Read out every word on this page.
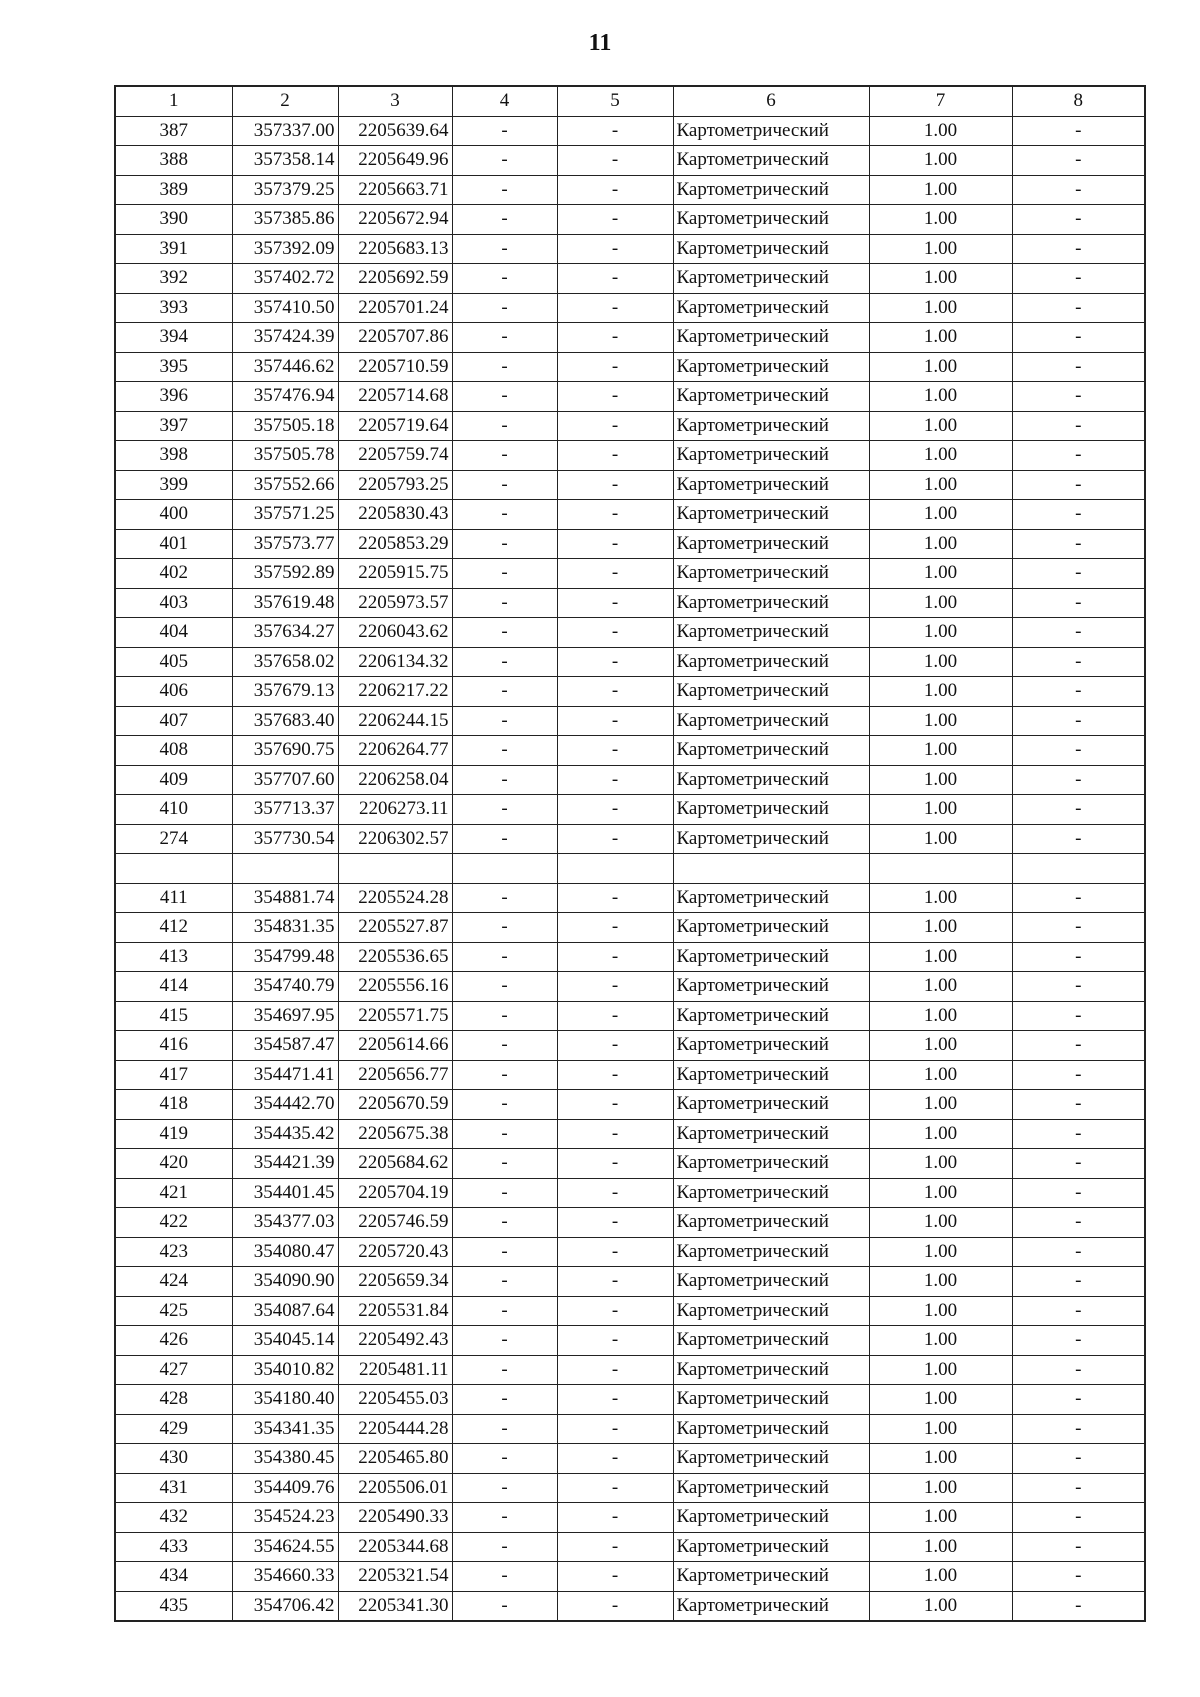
11
1	2	3	4	5	6	7	8
387	357337.00	2205639.64	-	-	Картометрический	1.00	-
388	357358.14	2205649.96	-	-	Картометрический	1.00	-
389	357379.25	2205663.71	-	-	Картометрический	1.00	-
390	357385.86	2205672.94	-	-	Картометрический	1.00	-
391	357392.09	2205683.13	-	-	Картометрический	1.00	-
392	357402.72	2205692.59	-	-	Картометрический	1.00	-
393	357410.50	2205701.24	-	-	Картометрический	1.00	-
394	357424.39	2205707.86	-	-	Картометрический	1.00	-
395	357446.62	2205710.59	-	-	Картометрический	1.00	-
396	357476.94	2205714.68	-	-	Картометрический	1.00	-
397	357505.18	2205719.64	-	-	Картометрический	1.00	-
398	357505.78	2205759.74	-	-	Картометрический	1.00	-
399	357552.66	2205793.25	-	-	Картометрический	1.00	-
400	357571.25	2205830.43	-	-	Картометрический	1.00	-
401	357573.77	2205853.29	-	-	Картометрический	1.00	-
402	357592.89	2205915.75	-	-	Картометрический	1.00	-
403	357619.48	2205973.57	-	-	Картометрический	1.00	-
404	357634.27	2206043.62	-	-	Картометрический	1.00	-
405	357658.02	2206134.32	-	-	Картометрический	1.00	-
406	357679.13	2206217.22	-	-	Картометрический	1.00	-
407	357683.40	2206244.15	-	-	Картометрический	1.00	-
408	357690.75	2206264.77	-	-	Картометрический	1.00	-
409	357707.60	2206258.04	-	-	Картометрический	1.00	-
410	357713.37	2206273.11	-	-	Картометрический	1.00	-
274	357730.54	2206302.57	-	-	Картометрический	1.00	-

411	354881.74	2205524.28	-	-	Картометрический	1.00	-
412	354831.35	2205527.87	-	-	Картометрический	1.00	-
413	354799.48	2205536.65	-	-	Картометрический	1.00	-
414	354740.79	2205556.16	-	-	Картометрический	1.00	-
415	354697.95	2205571.75	-	-	Картометрический	1.00	-
416	354587.47	2205614.66	-	-	Картометрический	1.00	-
417	354471.41	2205656.77	-	-	Картометрический	1.00	-
418	354442.70	2205670.59	-	-	Картометрический	1.00	-
419	354435.42	2205675.38	-	-	Картометрический	1.00	-
420	354421.39	2205684.62	-	-	Картометрический	1.00	-
421	354401.45	2205704.19	-	-	Картометрический	1.00	-
422	354377.03	2205746.59	-	-	Картометрический	1.00	-
423	354080.47	2205720.43	-	-	Картометрический	1.00	-
424	354090.90	2205659.34	-	-	Картометрический	1.00	-
425	354087.64	2205531.84	-	-	Картометрический	1.00	-
426	354045.14	2205492.43	-	-	Картометрический	1.00	-
427	354010.82	2205481.11	-	-	Картометрический	1.00	-
428	354180.40	2205455.03	-	-	Картометрический	1.00	-
429	354341.35	2205444.28	-	-	Картометрический	1.00	-
430	354380.45	2205465.80	-	-	Картометрический	1.00	-
431	354409.76	2205506.01	-	-	Картометрический	1.00	-
432	354524.23	2205490.33	-	-	Картометрический	1.00	-
433	354624.55	2205344.68	-	-	Картометрический	1.00	-
434	354660.33	2205321.54	-	-	Картометрический	1.00	-
435	354706.42	2205341.30	-	-	Картометрический	1.00	-
